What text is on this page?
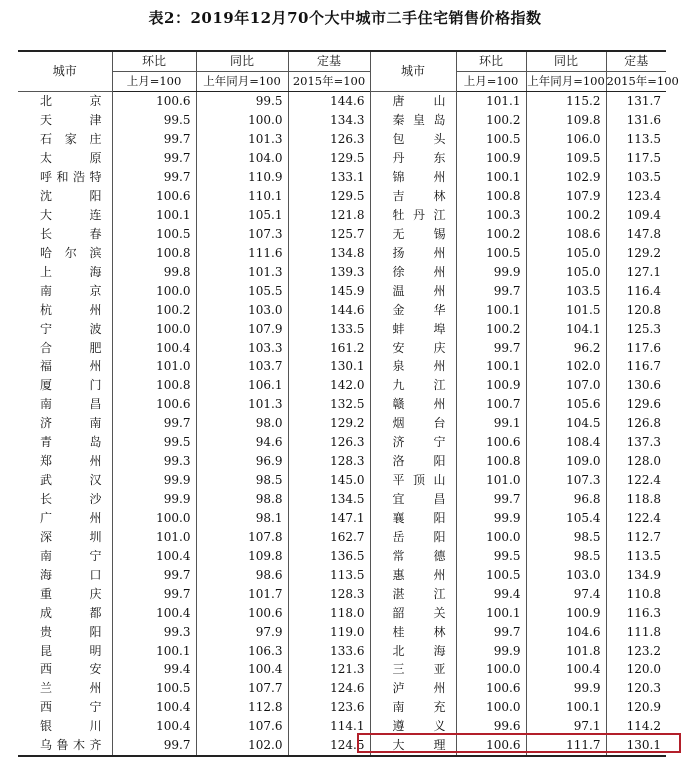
表2：2019年12月70个大中城市二手住宅销售价格指数
城市	环比	同比	定基	城市	环比	同比	定基
	上月=100	上年同月=100	2015年=100		上月=100	上年同月=100	2015年=100
北京	100.6	99.5	144.6	唐山	101.1	115.2	131.7
天津	99.5	100.0	134.3	秦皇岛	100.2	109.8	131.6
石家庄	99.7	101.3	126.3	包头	100.5	106.0	113.5
太原	99.7	104.0	129.5	丹东	100.9	109.5	117.5
呼和浩特	99.7	110.9	133.1	锦州	100.1	102.9	103.5
沈阳	100.6	110.1	129.5	吉林	100.8	107.9	123.4
大连	100.1	105.1	121.8	牡丹江	100.3	100.2	109.4
长春	100.5	107.3	125.7	无锡	100.2	108.6	147.8
哈尔滨	100.8	111.6	134.8	扬州	100.5	105.0	129.2
上海	99.8	101.3	139.3	徐州	99.9	105.0	127.1
南京	100.0	105.5	145.9	温州	99.7	103.5	116.4
杭州	100.2	103.0	144.6	金华	100.1	101.5	120.8
宁波	100.0	107.9	133.5	蚌埠	100.2	104.1	125.3
合肥	100.4	103.3	161.2	安庆	99.7	96.2	117.6
福州	101.0	103.7	130.1	泉州	100.1	102.0	116.7
厦门	100.8	106.1	142.0	九江	100.9	107.0	130.6
南昌	100.6	101.3	132.5	赣州	100.7	105.6	129.6
济南	99.7	98.0	129.2	烟台	99.1	104.5	126.8
青岛	99.5	94.6	126.3	济宁	100.6	108.4	137.3
郑州	99.3	96.9	128.3	洛阳	100.8	109.0	128.0
武汉	99.9	98.5	145.0	平顶山	101.0	107.3	122.4
长沙	99.9	98.8	134.5	宜昌	99.7	96.8	118.8
广州	100.0	98.1	147.1	襄阳	99.9	105.4	122.4
深圳	101.0	107.8	162.7	岳阳	100.0	98.5	112.7
南宁	100.4	109.8	136.5	常德	99.5	98.5	113.5
海口	99.7	98.6	113.5	惠州	100.5	103.0	134.9
重庆	99.7	101.7	128.3	湛江	99.4	97.4	110.8
成都	100.4	100.6	118.0	韶关	100.1	100.9	116.3
贵阳	99.3	97.9	119.0	桂林	99.7	104.6	111.8
昆明	100.1	106.3	133.6	北海	99.9	101.8	123.2
西安	99.4	100.4	121.3	三亚	100.0	100.4	120.0
兰州	100.5	107.7	124.6	泸州	100.6	99.9	120.3
西宁	100.4	112.8	123.6	南充	100.0	100.1	120.9
银川	100.4	107.6	114.1	遵义	99.6	97.1	114.2
乌鲁木齐	99.7	102.0	124.5	大理	100.6	111.7	130.1
